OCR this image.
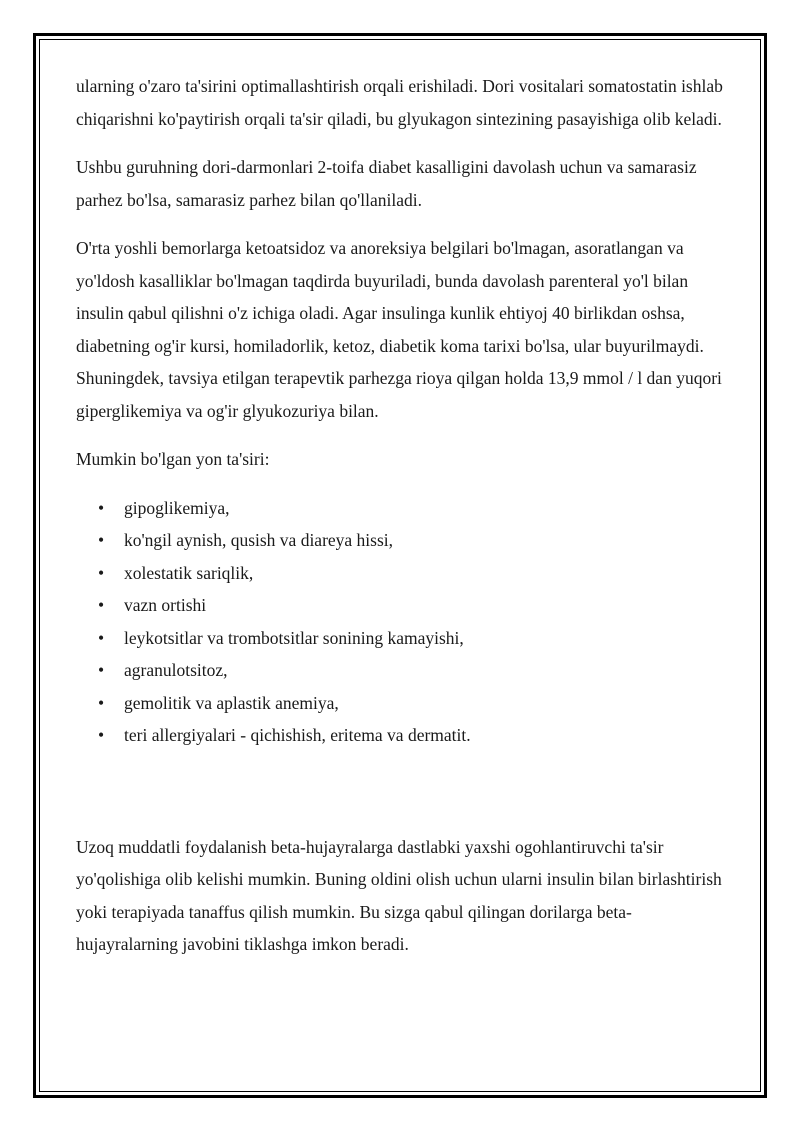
ularning o'zaro ta'sirini optimallashtirish orqali erishiladi. Dori vositalari somatostatin ishlab chiqarishni ko'paytirish orqali ta'sir qiladi, bu glyukagon sintezining pasayishiga olib keladi.

Ushbu guruhning dori-darmonlari 2-toifa diabet kasalligini davolash uchun va samarasiz parhez bo'lsa, samarasiz parhez bilan qo'llaniladi.

O'rta yoshli bemorlarga ketoatsidoz va anoreksiya belgilari bo'lmagan, asoratlangan va yo'ldosh kasalliklar bo'lmagan taqdirda buyuriladi, bunda davolash parenteral yo'l bilan insulin qabul qilishni o'z ichiga oladi. Agar insulinga kunlik ehtiyoj 40 birlikdan oshsa, diabetning og'ir kursi, homiladorlik, ketoz, diabetik koma tarixi bo'lsa, ular buyurilmaydi. Shuningdek, tavsiya etilgan terapevtik parhezga rioya qilgan holda 13,9 mmol / l dan yuqori giperglikemiya va og'ir glyukozuriya bilan.

Mumkin bo'lgan yon ta'siri:

• gipoglikemiya,
• ko'ngil aynish, qusish va diareya hissi,
• xolestatik sariqlik,
• vazn ortishi
• leykotsitlar va trombotsitlar sonining kamayishi,
• agranulotsitoz,
• gemolitik va aplastik anemiya,
• teri allergiyalari - qichishish, eritema va dermatit.

Uzoq muddatli foydalanish beta-hujayralarga dastlabki yaxshi ogohlantiruvchi ta'sir yo'qolishiga olib kelishi mumkin. Buning oldini olish uchun ularni insulin bilan birlashtirish yoki terapiyada tanaffus qilish mumkin. Bu sizga qabul qilingan dorilarga beta-hujayralarning javobini tiklashga imkon beradi.
